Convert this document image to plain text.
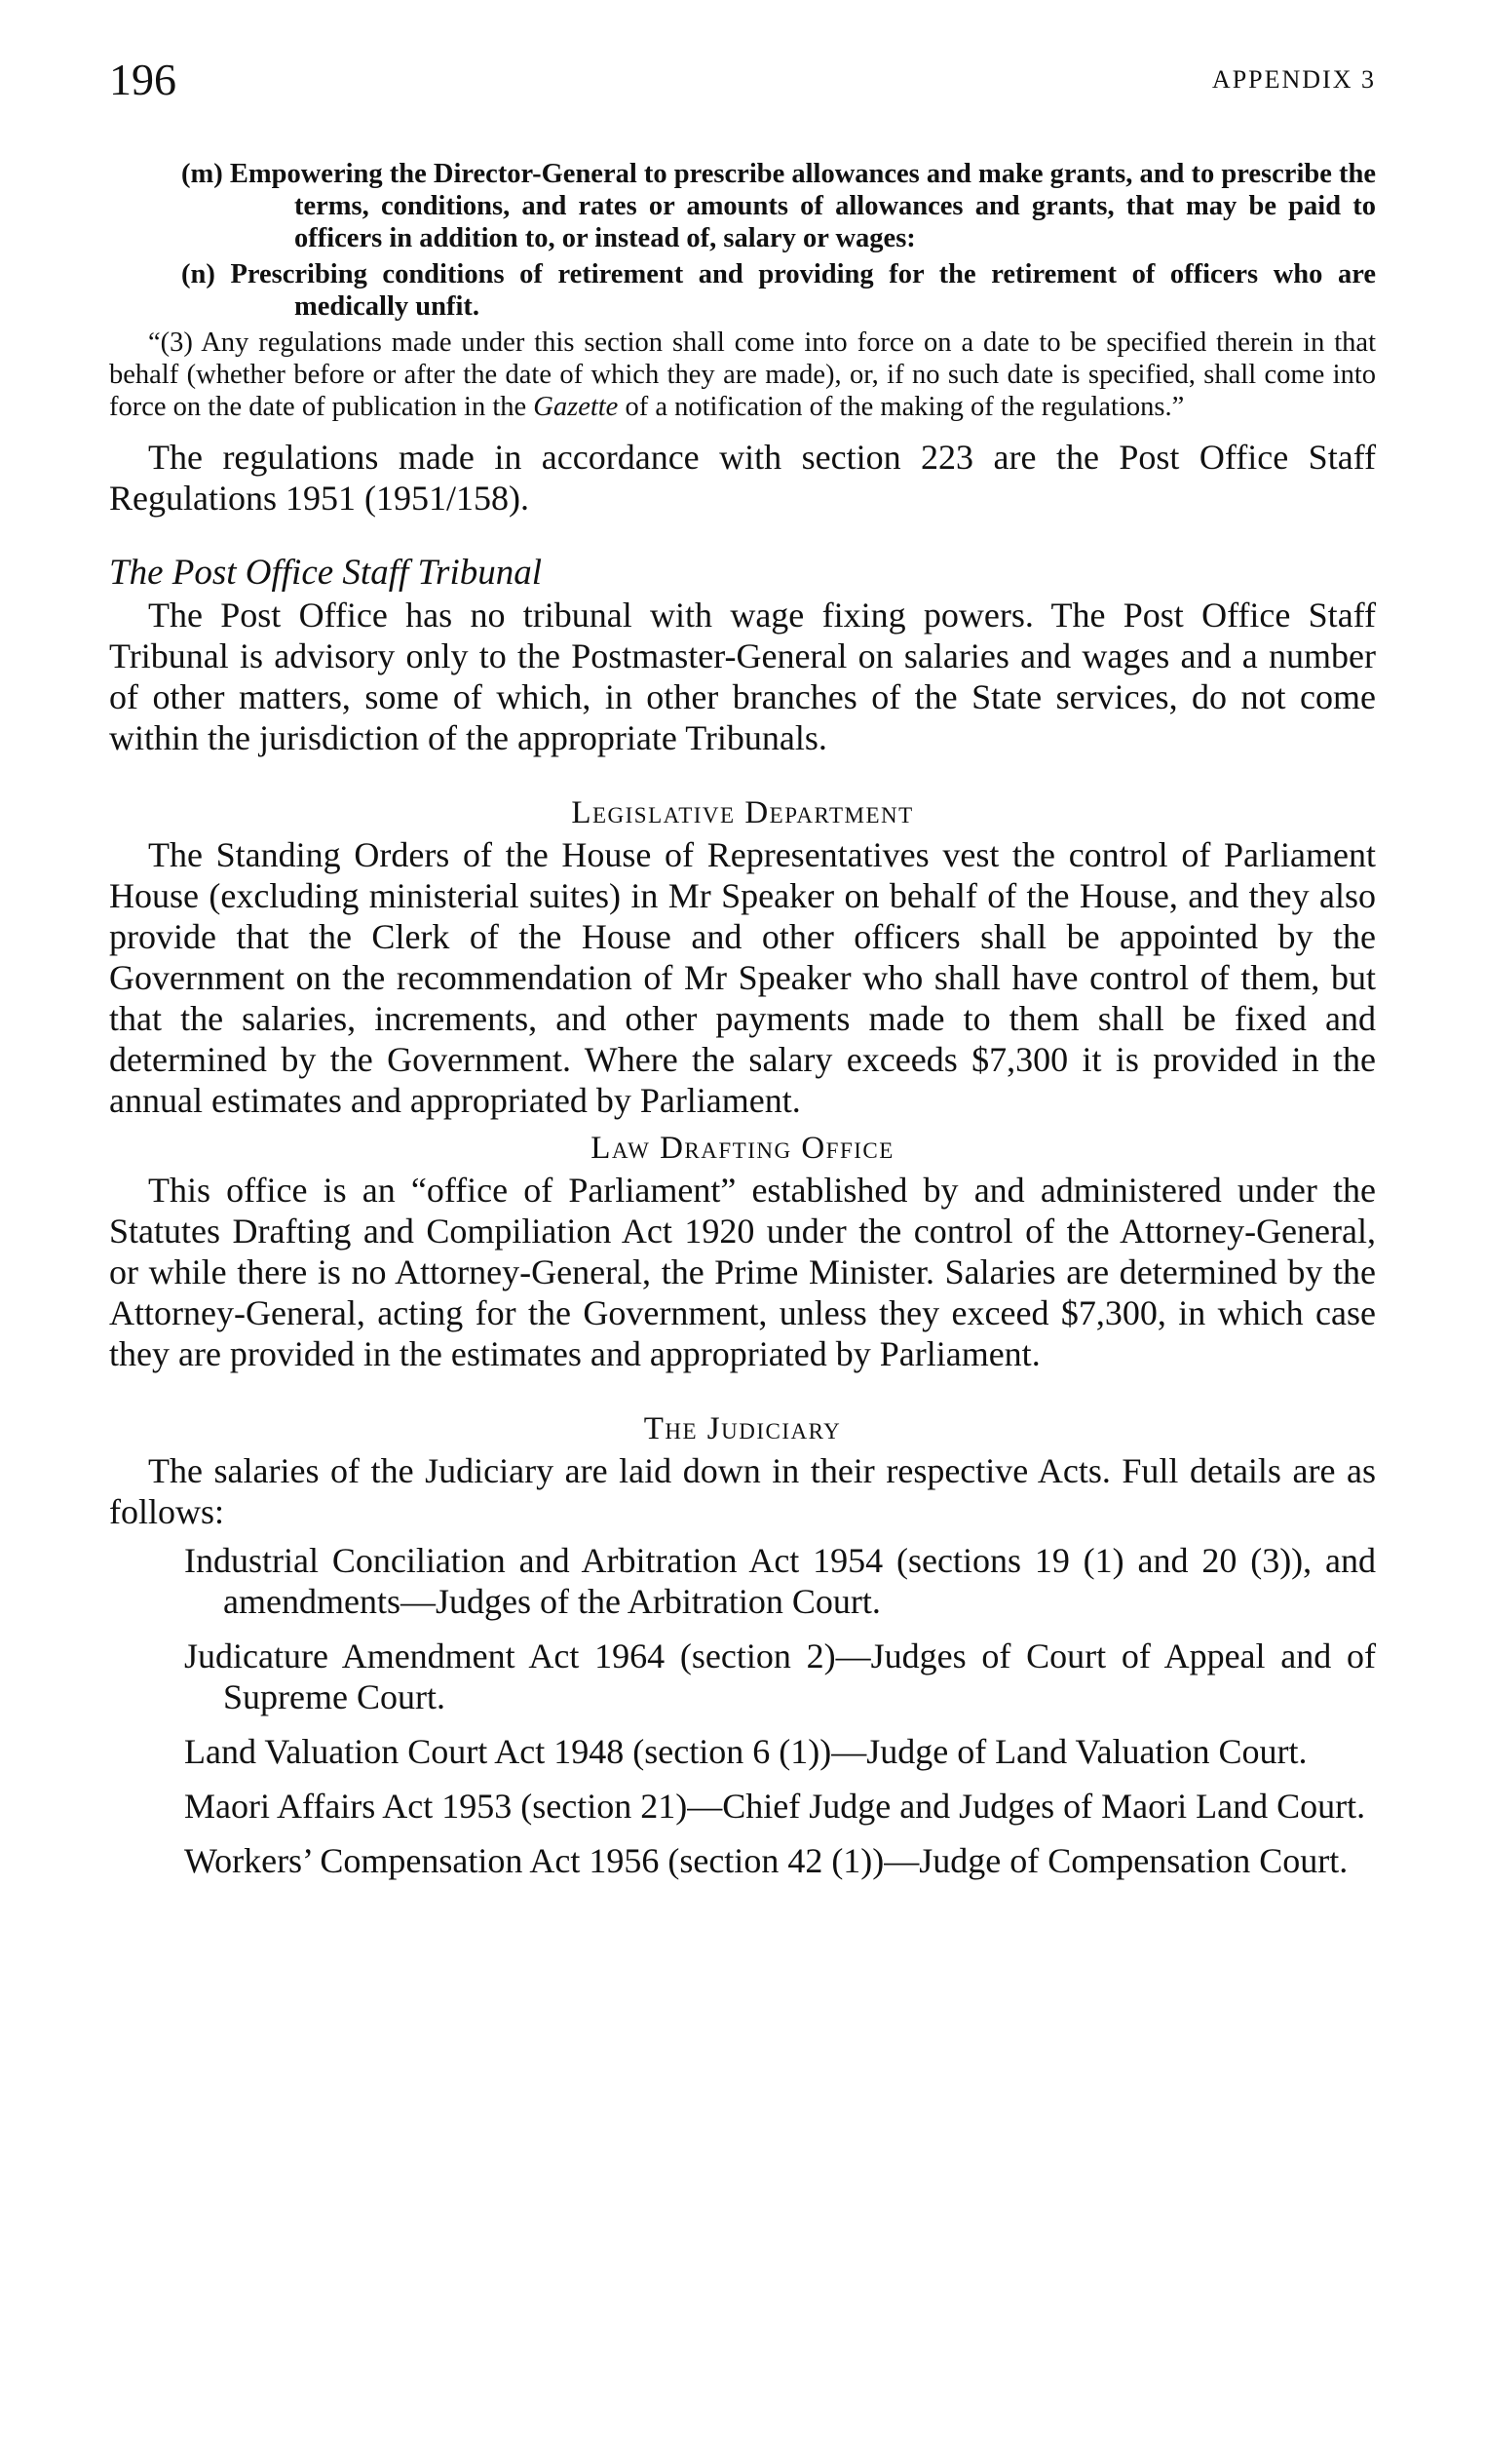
196	APPENDIX 3

(m) Empowering the Director-General to prescribe allowances and make grants, and to prescribe the terms, conditions, and rates or amounts of allowances and grants, that may be paid to officers in addition to, or instead of, salary or wages:

(n) Prescribing conditions of retirement and providing for the retirement of officers who are medically unfit.

“(3) Any regulations made under this section shall come into force on a date to be specified therein in that behalf (whether before or after the date of which they are made), or, if no such date is specified, shall come into force on the date of publication in the Gazette of a notification of the making of the regulations.”

The regulations made in accordance with section 223 are the Post Office Staff Regulations 1951 (1951/158).

The Post Office Staff Tribunal

The Post Office has no tribunal with wage fixing powers. The Post Office Staff Tribunal is advisory only to the Postmaster-General on salaries and wages and a number of other matters, some of which, in other branches of the State services, do not come within the jurisdiction of the appropriate Tribunals.

Legislative Department

The Standing Orders of the House of Representatives vest the control of Parliament House (excluding ministerial suites) in Mr Speaker on behalf of the House, and they also provide that the Clerk of the House and other officers shall be appointed by the Government on the recommendation of Mr Speaker who shall have control of them, but that the salaries, increments, and other payments made to them shall be fixed and determined by the Government. Where the salary exceeds $7,300 it is provided in the annual estimates and appropriated by Parliament.

Law Drafting Office

This office is an “office of Parliament” established by and administered under the Statutes Drafting and Compiliation Act 1920 under the control of the Attorney-General, or while there is no Attorney-General, the Prime Minister. Salaries are determined by the Attorney-General, acting for the Government, unless they exceed $7,300, in which case they are provided in the estimates and appropriated by Parliament.

The Judiciary

The salaries of the Judiciary are laid down in their respective Acts. Full details are as follows:

Industrial Conciliation and Arbitration Act 1954 (sections 19 (1) and 20 (3)), and amendments—Judges of the Arbitration Court.
Judicature Amendment Act 1964 (section 2)—Judges of Court of Appeal and of Supreme Court.
Land Valuation Court Act 1948 (section 6 (1))—Judge of Land Valuation Court.
Maori Affairs Act 1953 (section 21)—Chief Judge and Judges of Maori Land Court.
Workers’ Compensation Act 1956 (section 42 (1))—Judge of Compensation Court.
